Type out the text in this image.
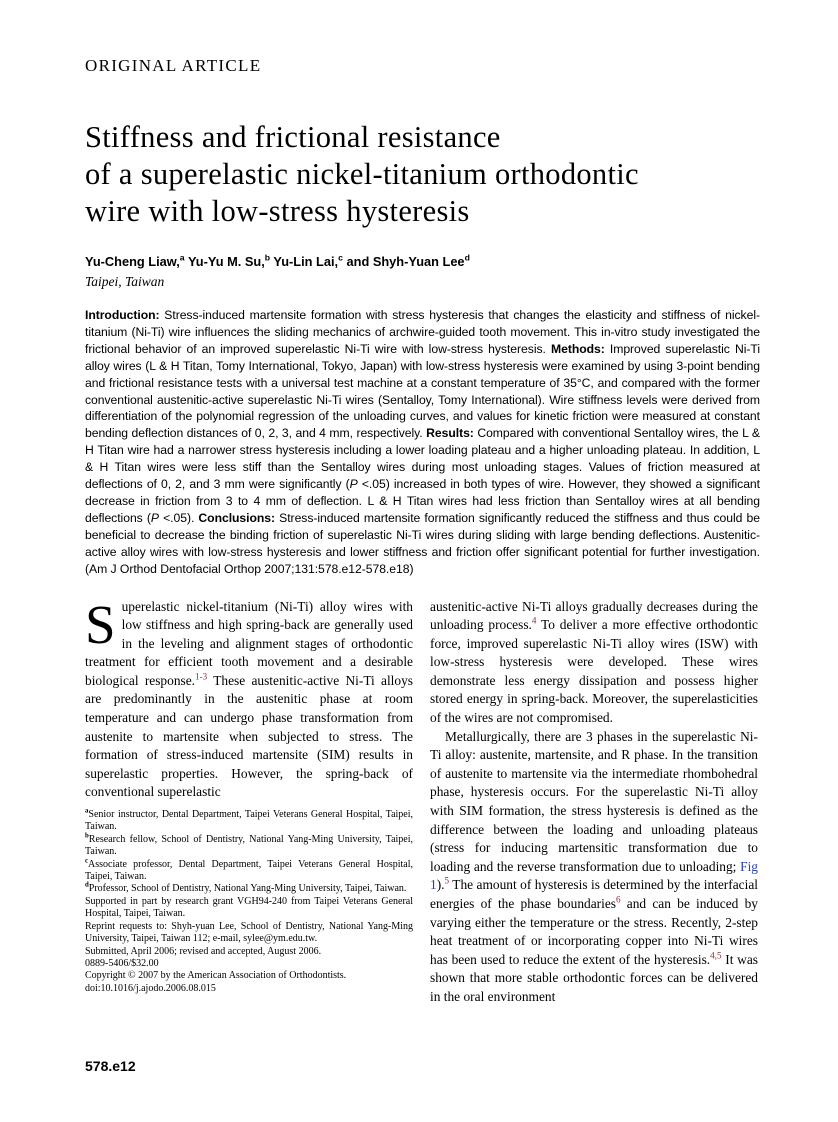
ORIGINAL ARTICLE
Stiffness and frictional resistance
of a superelastic nickel-titanium orthodontic
wire with low-stress hysteresis
Yu-Cheng Liaw,$^a$ Yu-Yu M. Su,$^b$ Yu-Lin Lai,$^c$ and Shyh-Yuan Lee$^d$
Taipei, Taiwan
Introduction: Stress-induced martensite formation with stress hysteresis that changes the elasticity and stiffness of nickel-titanium (Ni-Ti) wire influences the sliding mechanics of archwire-guided tooth movement. This in-vitro study investigated the frictional behavior of an improved superelastic Ni-Ti wire with low-stress hysteresis. Methods: Improved superelastic Ni-Ti alloy wires (L & H Titan, Tomy International, Tokyo, Japan) with low-stress hysteresis were examined by using 3-point bending and frictional resistance tests with a universal test machine at a constant temperature of 35°C, and compared with the former conventional austenitic-active superelastic Ni-Ti wires (Sentalloy, Tomy International). Wire stiffness levels were derived from differentiation of the polynomial regression of the unloading curves, and values for kinetic friction were measured at constant bending deflection distances of 0, 2, 3, and 4 mm, respectively. Results: Compared with conventional Sentalloy wires, the L & H Titan wire had a narrower stress hysteresis including a lower loading plateau and a higher unloading plateau. In addition, L & H Titan wires were less stiff than the Sentalloy wires during most unloading stages. Values of friction measured at deflections of 0, 2, and 3 mm were significantly (P <.05) increased in both types of wire. However, they showed a significant decrease in friction from 3 to 4 mm of deflection. L & H Titan wires had less friction than Sentalloy wires at all bending deflections (P <.05). Conclusions: Stress-induced martensite formation significantly reduced the stiffness and thus could be beneficial to decrease the binding friction of superelastic Ni-Ti wires during sliding with large bending deflections. Austenitic-active alloy wires with low-stress hysteresis and lower stiffness and friction offer significant potential for further investigation. (Am J Orthod Dentofacial Orthop 2007;131:578.e12-578.e18)

Superelastic nickel-titanium (Ni-Ti) alloy wires with low stiffness and high spring-back are generally used in the leveling and alignment stages of orthodontic treatment for efficient tooth movement and a desirable biological response.$^{1-3}$ These austenitic-active Ni-Ti alloys are predominantly in the austenitic phase at room temperature and can undergo phase transformation from austenite to martensite when subjected to stress. The formation of stress-induced martensite (SIM) results in superelastic properties. However, the spring-back of conventional superelastic

$^a$Senior instructor, Dental Department, Taipei Veterans General Hospital, Taipei, Taiwan.

$^b$Research fellow, School of Dentistry, National Yang-Ming University, Taipei, Taiwan.

$^c$Associate professor, Dental Department, Taipei Veterans General Hospital, Taipei, Taiwan.

$^d$Professor, School of Dentistry, National Yang-Ming University, Taipei, Taiwan.

Supported in part by research grant VGH94-240 from Taipei Veterans General Hospital, Taipei, Taiwan.

Reprint requests to: Shyh-yuan Lee, School of Dentistry, National Yang-Ming University, Taipei, Taiwan 112; e-mail, sylee@ym.edu.tw.

Submitted, April 2006; revised and accepted, August 2006.

0889-5406/$32.00

Copyright © 2007 by the American Association of Orthodontists.

doi:10.1016/j.ajodo.2006.08.015

austenitic-active Ni-Ti alloys gradually decreases during the unloading process.$^4$ To deliver a more effective orthodontic force, improved superelastic Ni-Ti alloy wires (ISW) with low-stress hysteresis were developed. These wires demonstrate less energy dissipation and possess higher stored energy in spring-back. Moreover, the superelasticities of the wires are not compromised.

Metallurgically, there are 3 phases in the superelastic Ni-Ti alloy: austenite, martensite, and R phase. In the transition of austenite to martensite via the intermediate rhombohedral phase, hysteresis occurs. For the superelastic Ni-Ti alloy with SIM formation, the stress hysteresis is defined as the difference between the loading and unloading plateaus (stress for inducing martensitic transformation due to loading and the reverse transformation due to unloading; Fig 1).$^5$ The amount of hysteresis is determined by the interfacial energies of the phase boundaries$^6$ and can be induced by varying either the temperature or the stress. Recently, 2-step heat treatment of or incorporating copper into Ni-Ti wires has been used to reduce the extent of the hysteresis.$^{4,5}$ It was shown that more stable orthodontic forces can be delivered in the oral environment

578.e12
